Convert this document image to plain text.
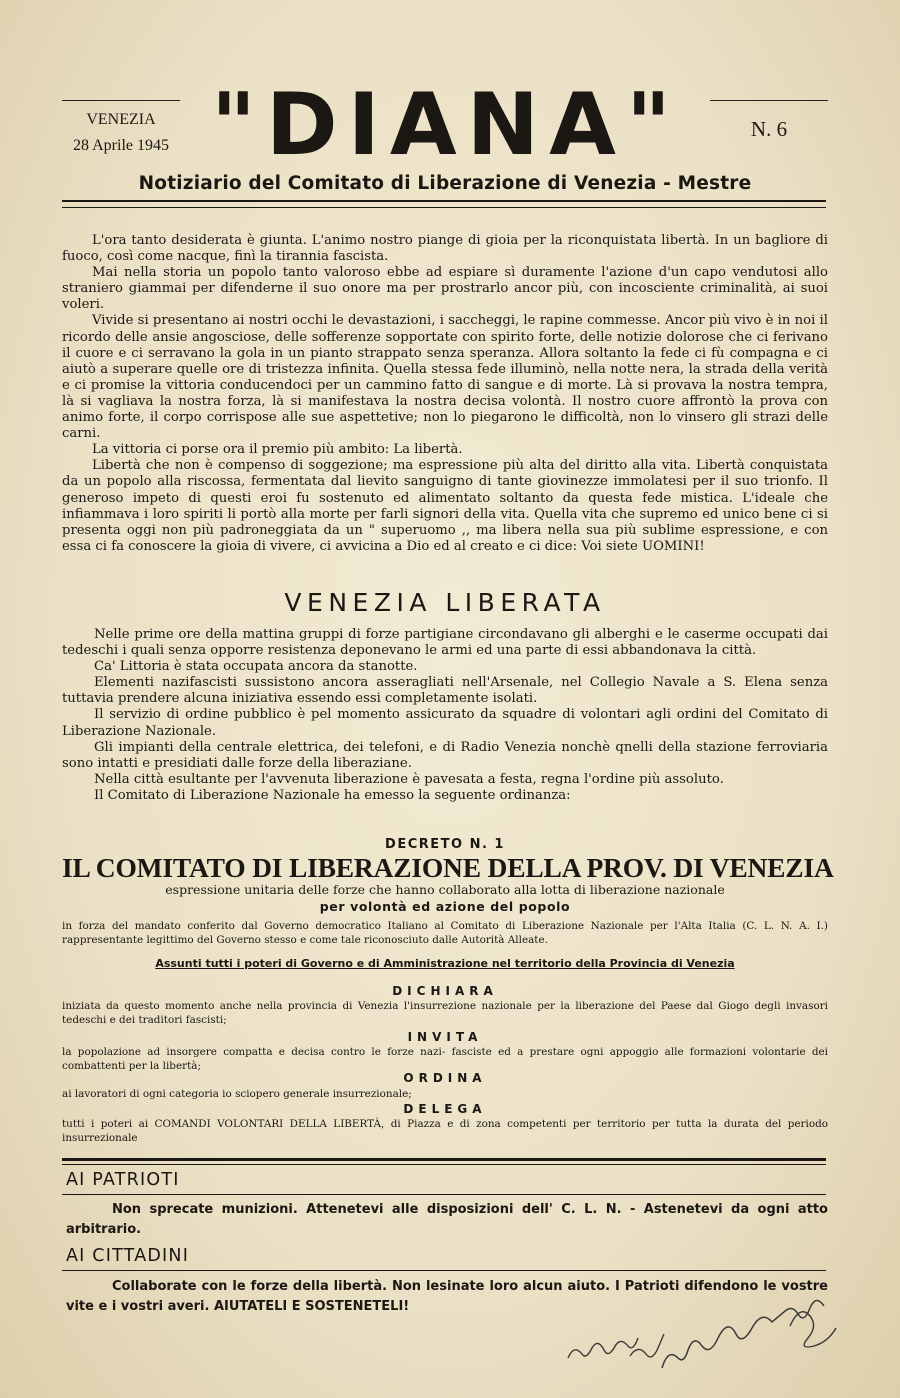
VENEZIA
28 Aprile 1945 "DIANA"	N. 6
Notiziario del Comitato di Liberazione di Venezia - Mestre

L'ora tanto desiderata è giunta. L'animo nostro piange di gioia per la riconquistata libertà. In un bagliore di fuoco, così come nacque, finì la tirannia fascista.

Mai nella storia un popolo tanto valoroso ebbe ad espiare sì duramente l'azione d'un capo vendutosi allo straniero giammai per difenderne il suo onore ma per prostrarlo ancor più, con incosciente criminalità, ai suoi voleri.

Vivide si presentano ai nostri occhi le devastazioni, i saccheggi, le rapine commesse. Ancor più vivo è in noi il ricordo delle ansie angosciose, delle sofferenze sopportate con spirito forte, delle notizie dolorose che ci ferivano il cuore e ci serravano la gola in un pianto strappato senza speranza. Allora soltanto la fede ci fù compagna e ci aiutò a superare quelle ore di tristezza infinita. Quella stessa fede illuminò, nella notte nera, la strada della verità e ci promise la vittoria conducendoci per un cammino fatto di sangue e di morte. Là si provava la nostra tempra, là si vagliava la nostra forza, là si manifestava la nostra decisa volontà. Il nostro cuore affrontò la prova con animo forte, il corpo corrispose alle sue aspettetive; non lo piegarono le difficoltà, non lo vinsero gli strazi delle carni.

La vittoria ci porse ora il premio più ambito: La libertà.

Libertà che non è compenso di soggezione; ma espressione più alta del diritto alla vita. Libertà conquistata da un popolo alla riscossa, fermentata dal lievito sanguigno di tante giovinezze immolatesi per il suo trionfo. Il generoso impeto di questi eroi fu sostenuto ed alimentato soltanto da questa fede mistica. L'ideale che infiammava i loro spiriti li portò alla morte per farli signori della vita. Quella vita che supremo ed unico bene ci si presenta oggi non più padroneggiata da un " superuomo ,, ma libera nella sua più sublime espressione, e con essa ci fa conoscere la gioia di vivere, ci avvicina a Dio ed al creato e ci dice: Voi siete UOMINI!

VENEZIA LIBERATA

Nelle prime ore della mattina gruppi di forze partigiane circondavano gli alberghi e le caserme occupati dai tedeschi i quali senza opporre resistenza deponevano le armi ed una parte di essi abbandonava la città.

Ca' Littoria è stata occupata ancora da stanotte.

Elementi nazifascisti sussistono ancora asseragliati nell'Arsenale, nel Collegio Navale a S. Elena senza tuttavia prendere alcuna iniziativa essendo essi completamente isolati.

Il servizio di ordine pubblico è pel momento assicurato da squadre di volontari agli ordini del Comitato di Liberazione Nazionale.

Gli impianti della centrale elettrica, dei telefoni, e di Radio Venezia nonchè qnelli della stazione ferroviaria sono intatti e presidiati dalle forze della liberaziane.

Nella città esultante per l'avvenuta liberazione è pavesata a festa, regna l'ordine più assoluto.

Il Comitato di Liberazione Nazionale ha emesso la seguente ordinanza:

DECRETO N. 1
IL COMITATO DI LIBERAZIONE DELLA PROV. DI VENEZIA
espressione unitaria delle forze che hanno collaborato alla lotta di liberazione nazionale
per volontà ed azione del popolo
in forza del mandato conferito dal Governo democratico Italiano al Comitato di Liberazione Nazionale per l'Alta Italia (C. L. N. A. I.) rappresentante legittimo del Governo stesso e come tale riconosciuto dalle Autorità Alleate.
Assunti tutti i poteri di Governo e di Amministrazione nel territorio della Provincia di Venezia
DICHIARA
iniziata da questo momento anche nella provincia di Venezia l'insurrezione nazionale per la liberazione del Paese dal Giogo degli invasori tedeschi e dei traditori fascisti;
INVITA
la popolazione ad insorgere compatta e decisa contro le forze nazi- fasciste ed a prestare ogni appoggio alle formazioni volontarie dei combattenti per la libertà;
ORDINA
ai lavoratori di ogni categoria io sciopero generale insurrezionale;
DELEGA
tutti i poteri ai COMANDI VOLONTARI DELLA LIBERTÀ, di Piazza e di zona competenti per territorio per tutta la durata del periodo insurrezionale
AI PATRIOTI

Non sprecate munizioni. Attenetevi alle disposizioni dell' C. L. N. - Astenetevi da ogni atto arbitrario.

AI CITTADINI

Collaborate con le forze della libertà. Non lesinate loro alcun aiuto. I Patrioti difendono le vostre vite e i vostri averi. AIUTATELI E SOSTENETELI!
